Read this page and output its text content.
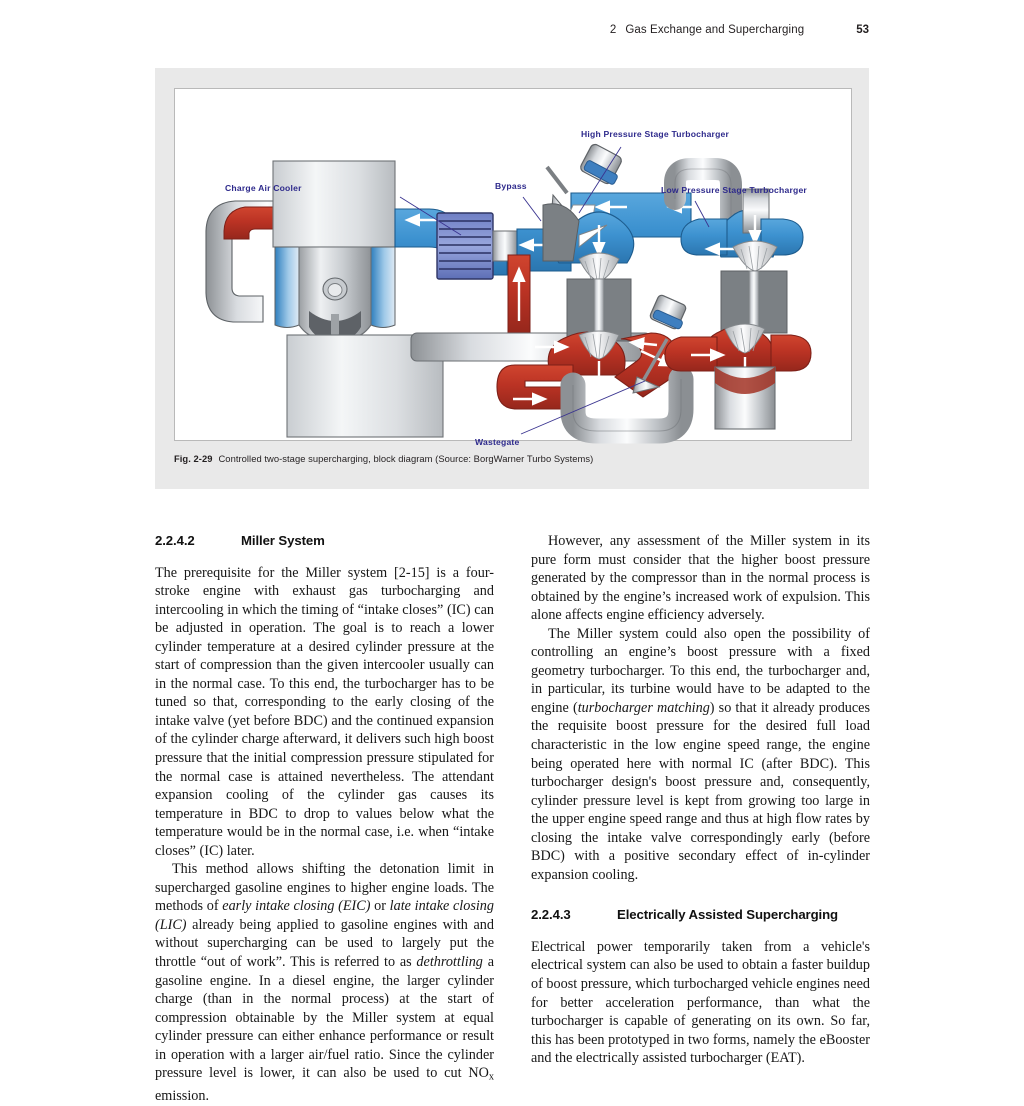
2 Gas Exchange and Supercharging	53
Charge Air Cooler	Bypass
High Pressure Stage Turbocharger
Low Pressure Stage Turbocharger
Wastegate
Fig. 2-29 Controlled two-stage supercharging, block diagram (Source: BorgWarner Turbo Systems)
2.2.4.2	Miller System

The prerequisite for the Miller system [2-15] is a four-stroke engine with exhaust gas turbocharging and intercooling in which the timing of “intake closes” (IC) can be adjusted in operation. The goal is to reach a lower cylinder temperature at a desired cylinder pressure at the start of compression than the given intercooler usually can in the normal case. To this end, the turbocharger has to be tuned so that, corresponding to the early closing of the intake valve (yet before BDC) and the continued expansion of the cylinder charge afterward, it delivers such high boost pressure that the initial compression pressure stipulated for the normal case is attained nevertheless. The attendant expansion cooling of the cylinder gas causes its temperature in BDC to drop to values below what the temperature would be in the normal case, i.e. when “intake closes” (IC) later.

This method allows shifting the detonation limit in supercharged gasoline engines to higher engine loads. The methods of early intake closing (EIC) or late intake closing (LIC) already being applied to gasoline engines with and without supercharging can be used to largely put the throttle “out of work”. This is referred to as dethrottling a gasoline engine. In a diesel engine, the larger cylinder charge (than in the normal process) at the start of compression obtainable by the Miller system at equal cylinder pressure can either enhance performance or result in operation with a larger air/fuel ratio. Since the cylinder pressure level is lower, it can also be used to cut $NO_x$ emission.

However, any assessment of the Miller system in its pure form must consider that the higher boost pressure generated by the compressor than in the normal process is obtained by the engine’s increased work of expulsion. This alone affects engine efficiency adversely.

The Miller system could also open the possibility of controlling an engine’s boost pressure with a fixed geometry turbocharger. To this end, the turbocharger and, in particular, its turbine would have to be adapted to the engine (turbocharger matching) so that it already produces the requisite boost pressure for the desired full load characteristic in the low engine speed range, the engine being operated here with normal IC (after BDC). This turbocharger design's boost pressure and, consequently, cylinder pressure level is kept from growing too large in the upper engine speed range and thus at high flow rates by closing the intake valve correspondingly early (before BDC) with a positive secondary effect of in-cylinder expansion cooling.

2.2.4.3	Electrically Assisted Supercharging

Electrical power temporarily taken from a vehicle's electrical system can also be used to obtain a faster buildup of boost pressure, which turbocharged vehicle engines need for better acceleration performance, than what the turbocharger is capable of generating on its own. So far, this has been prototyped in two forms, namely the eBooster and the electrically assisted turbocharger (EAT).
